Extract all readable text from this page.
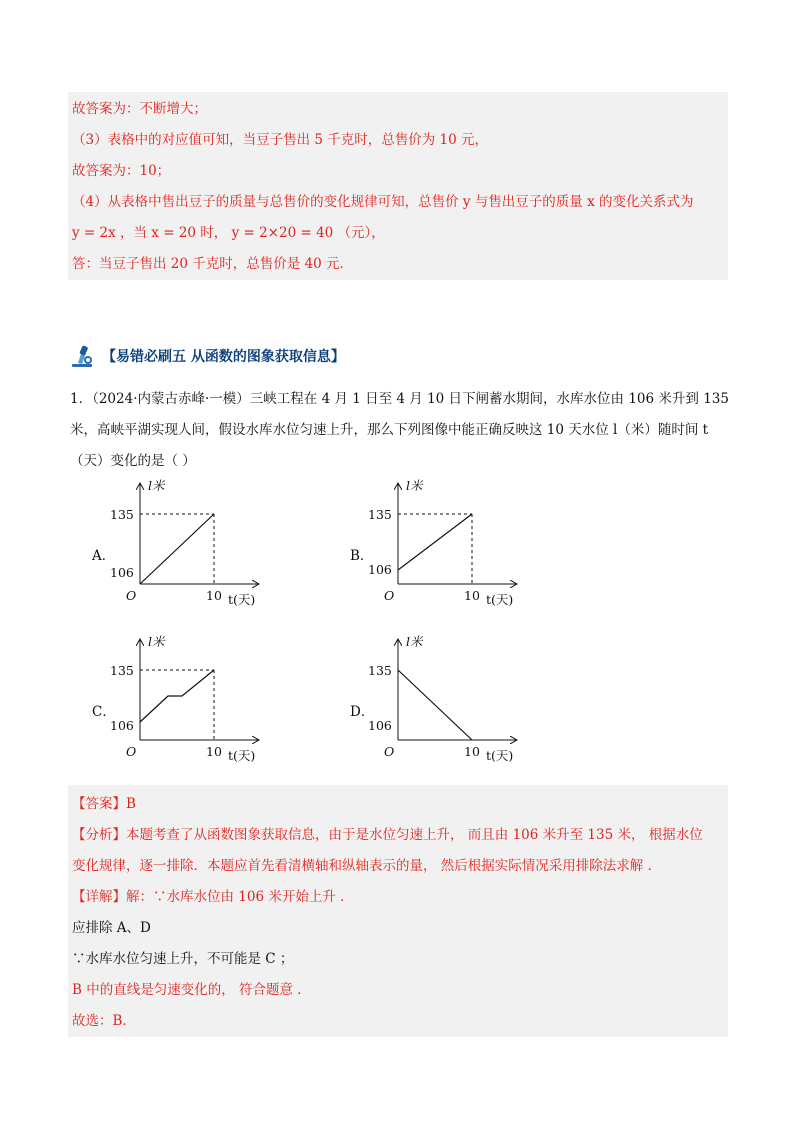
故答案为：不断增大；
（3）表格中的对应值可知，当豆子售出 5 千克时，总售价为 10 元，
故答案为：10；
（4）从表格中售出豆子的质量与总售价的变化规律可知，总售价 y 与售出豆子的质量 x 的变化关系式为
y = 2x ，当 x = 20 时， y = 2×20 = 40 （元），
答：当豆子售出 20 千克时，总售价是 40 元．
【易错必刷五 从函数的图象获取信息】
1．（2024·内蒙古赤峰·一模）三峡工程在 4 月 1 日至 4 月 10 日下闸蓄水期间，水库水位由 106 米升到 135
米，高峡平湖实现人间，假设水库水位匀速上升，那么下列图像中能正确反映这 10 天水位 l（米）随时间 t
（天）变化的是（ ）
A．	B．
C．	D．
l米
135
106
O	10 t(天)
l米
135
106
O	10 t(天)
l米
135
106
O	10 t(天)
l米
135
106
O	10 t(天)
【答案】B
【分析】本题考查了从函数图象获取信息，由于是水位匀速上升， 而且由 106 米升至 135 米， 根据水位
变化规律，逐一排除．本题应首先看清横轴和纵轴表示的量， 然后根据实际情况采用排除法求解 ．
【详解】解：∵水库水位由 106 米开始上升 ．
应排除 A、D
∵水库水位匀速上升，不可能是 C ；
B 中的直线是匀速变化的， 符合题意 ．
故选：B．
